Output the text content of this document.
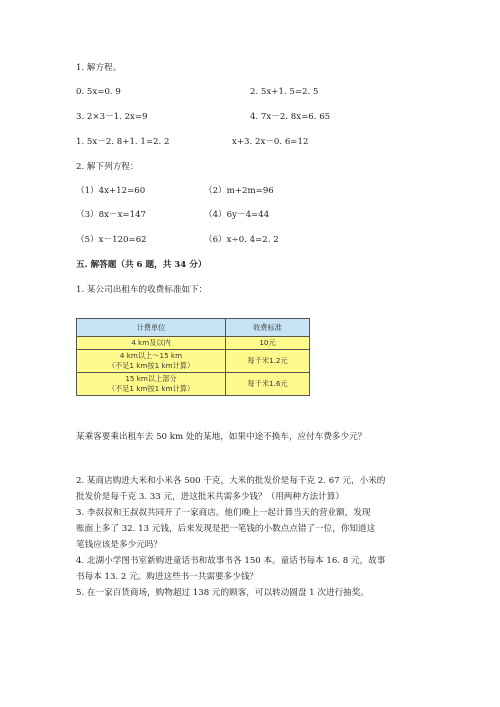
1. 解方程。
0. 5x=0. 9	2. 5x+1. 5=2. 5
3. 2×3－1. 2x=9	4. 7x－2. 8x=6. 65
1. 5x－2. 8+1. 1=2. 2	x+3. 2x－0. 6=12
2. 解下列方程：
（1）4x+12=60	（2）m+2m=96
（3）8x－x=147	（4）6y－4=44
（5）x－120=62	（6）x÷0. 4=2. 2
五. 解答题（共 6 题，共 34 分）
1. 某公司出租车的收费标准如下：
计费单位	收费标准
4 km及以内	10元
4 km以上～15 km
（不足1 km按1 km计算）	每千米1.2元
15 km以上部分
（不足1 km按1 km计算）	每千米1.6元
某乘客要乘出租车去 50 km 处的某地，如果中途不换车，应付车费多少元？
2. 某商店购进大米和小米各 500 千克，大米的批发价是每千克 2. 67 元，小米的
批发价是每千克 3. 33 元，进这批米共需多少钱？（用两种方法计算）
3. 李叔叔和王叔叔共同开了一家商店。他们晚上一起计算当天的营业额，发现
账面上多了 32. 13 元钱，后来发现是把一笔钱的小数点点错了一位，你知道这
笔钱应该是多少元吗？
4. 北湖小学图书室新购进童话书和故事书各 150 本。童话书每本 16. 8 元，故事
书每本 13. 2 元。购进这些书一共需要多少钱？
5. 在一家百货商场，购物超过 138 元的顾客，可以转动圆盘 1 次进行抽奖。
